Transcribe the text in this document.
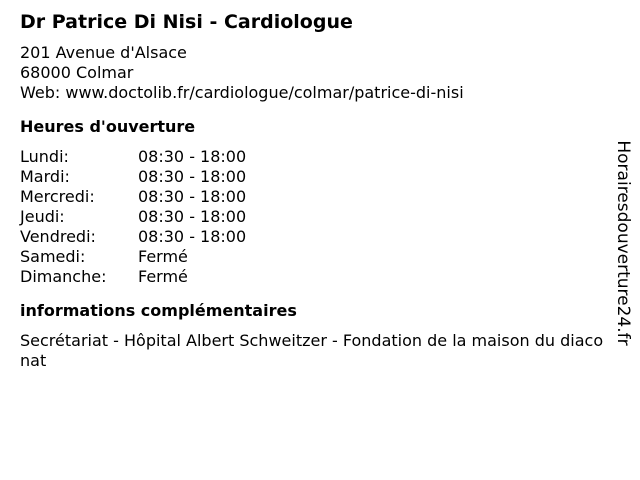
Dr Patrice Di Nisi - Cardiologue
201 Avenue d'Alsace
68000 Colmar
Web: www.doctolib.fr/cardiologue/colmar/patrice-di-nisi
Heures d'ouverture
Lundi:	08:30 - 18:00
Mardi:	08:30 - 18:00
Mercredi:	08:30 - 18:00
Jeudi:	08:30 - 18:00
Vendredi:	08:30 - 18:00
Samedi:	Fermé
Dimanche:	Fermé
informations complémentaires
Secrétariat - Hôpital Albert Schweitzer - Fondation de la maison du diaconat
Horairesdouverture24.fr
